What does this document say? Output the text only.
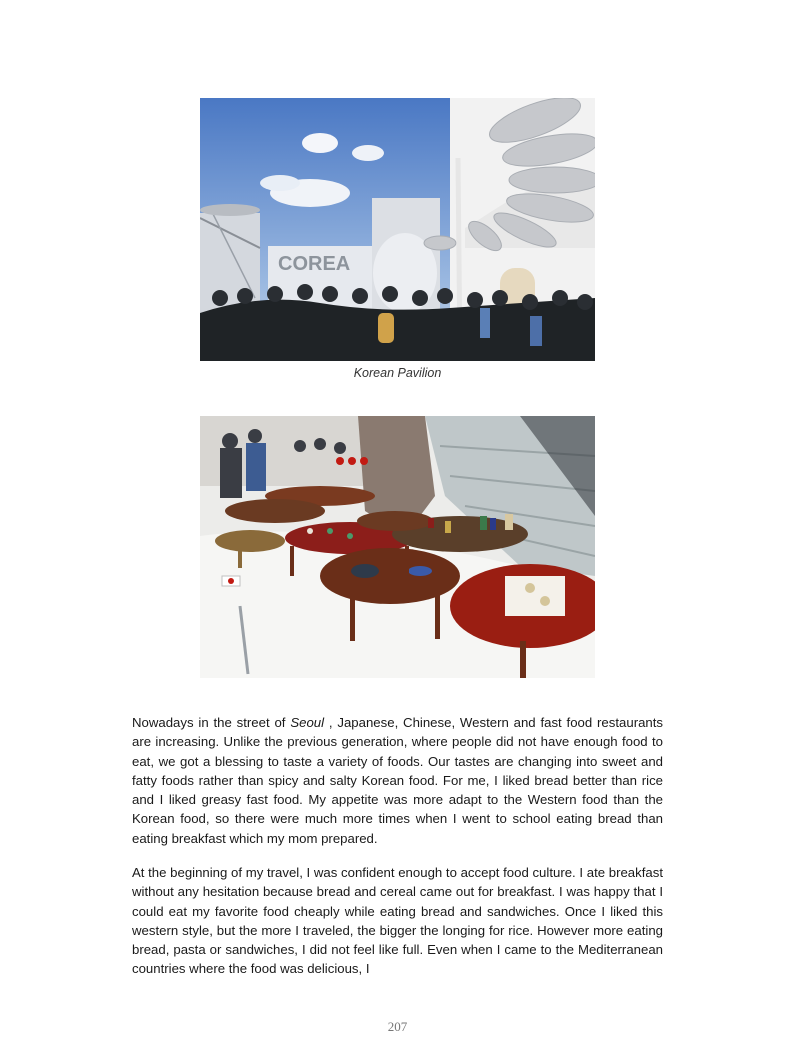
COREA
Korean Pavilion

Nowadays in the street of Seoul , Japanese, Chinese, Western and fast food restaurants are increasing. Unlike the previous generation, where people did not have enough food to eat, we got a blessing to taste a variety of foods. Our tastes are changing into sweet and fatty foods rather than spicy and salty Korean food. For me, I liked bread better than rice and I liked greasy fast food. My appetite was more adapt to the Western food than the Korean food, so there were much more times when I went to school eating bread than eating breakfast which my mom prepared.

At the beginning of my travel, I was confident enough to accept food culture. I ate breakfast without any hesitation because bread and cereal came out for breakfast. I was happy that I could eat my favorite food cheaply while eating bread and sandwiches. Once I liked this western style, but the more I traveled, the bigger the longing for rice. However more eating bread, pasta or sandwiches, I did not feel like full. Even when I came to the Mediterranean countries where the food was delicious, I

207
